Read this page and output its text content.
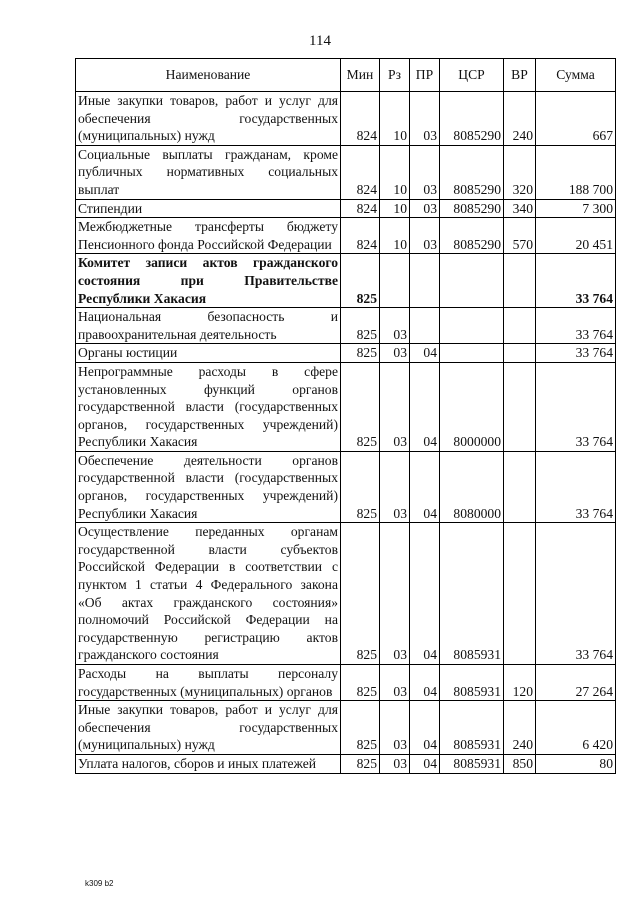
114
Наименование	Мин	Рз	ПР	ЦСР	ВР	Сумма
Иные закупки товаров, работ и услуг для обеспечения государственных (муниципальных) нужд	824	10	03	8085290	240	667
Социальные выплаты гражданам, кроме публичных нормативных социальных выплат	824	10	03	8085290	320	188 700
Стипендии	824	10	03	8085290	340	7 300
Межбюджетные трансферты бюджету Пенсионного фонда Российской Федерации	824	10	03	8085290	570	20 451
Комитет записи актов гражданского состояния при Правительстве Республики Хакасия	825					33 764
Национальная безопасность и правоохранительная деятельность	825	03				33 764
Органы юстиции	825	03	04			33 764
Непрограммные расходы в сфере установленных функций органов государственной власти (государственных органов, государственных учреждений) Республики Хакасия	825	03	04	8000000		33 764
Обеспечение деятельности органов государственной власти (государственных органов, государственных учреждений) Республики Хакасия	825	03	04	8080000		33 764
Осуществление переданных органам государственной власти субъектов Российской Федерации в соответствии с пунктом 1 статьи 4 Федерального закона «Об актах гражданского состояния» полномочий Российской Федерации на государственную регистрацию актов гражданского состояния	825	03	04	8085931		33 764
Расходы на выплаты персоналу государственных (муниципальных) органов	825	03	04	8085931	120	27 264
Иные закупки товаров, работ и услуг для обеспечения государственных (муниципальных) нужд	825	03	04	8085931	240	6 420
Уплата налогов, сборов и иных платежей	825	03	04	8085931	850	80
k309 b2
